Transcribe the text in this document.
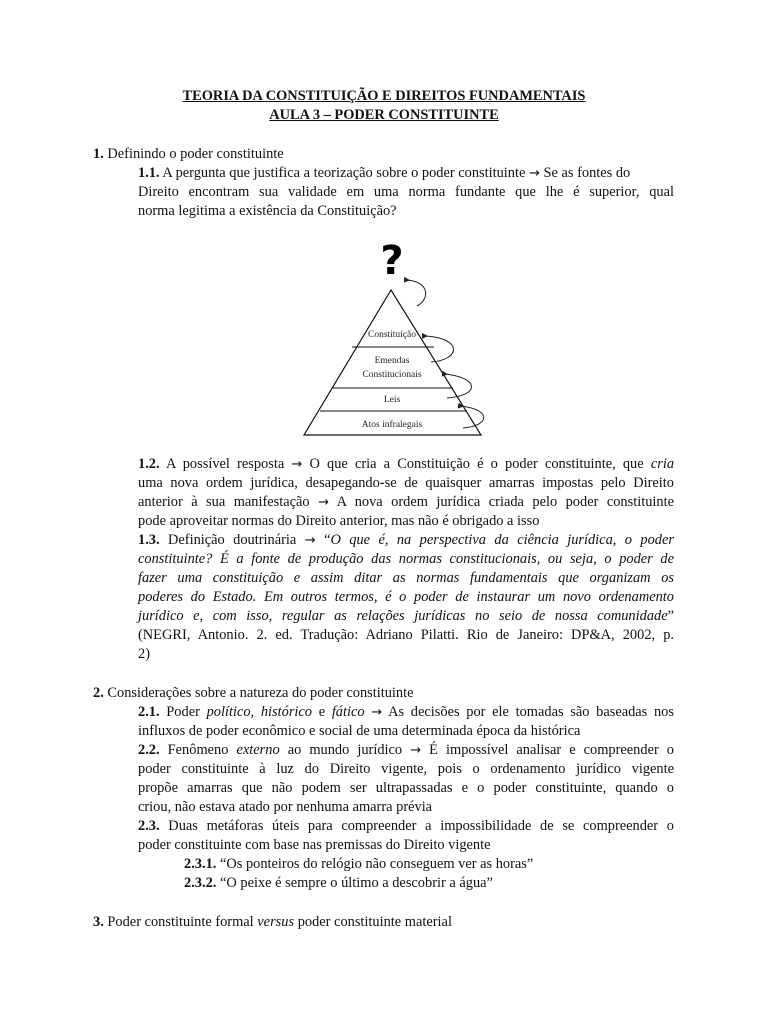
TEORIA DA CONSTITUIÇÃO E DIREITOS FUNDAMENTAIS
AULA 3 – PODER CONSTITUINTE
1. Definindo o poder constituinte
1.1. A pergunta que justifica a teorização sobre o poder constituinte → Se as fontes do
Direito encontram sua validade em uma norma fundante que lhe é superior, qual
norma legitima a existência da Constituição?
?
Constituição
Emendas
Constitucionais
Leis
Atos infralegais
1.2. A possível resposta → O que cria a Constituição é o poder constituinte, que cria
uma nova ordem jurídica, desapegando-se de quaisquer amarras impostas pelo Direito
anterior à sua manifestação → A nova ordem jurídica criada pelo poder constituinte
pode aproveitar normas do Direito anterior, mas não é obrigado a isso
1.3. Definição doutrinária → “O que é, na perspectiva da ciência jurídica, o poder
constituinte? É a fonte de produção das normas constitucionais, ou seja, o poder de
fazer uma constituição e assim ditar as normas fundamentais que organizam os
poderes do Estado. Em outros termos, é o poder de instaurar um novo ordenamento
jurídico e, com isso, regular as relações jurídicas no seio de nossa comunidade”
(NEGRI, Antonio. 2. ed. Tradução: Adriano Pilatti. Rio de Janeiro: DP&A, 2002, p.
2)
2. Considerações sobre a natureza do poder constituinte
2.1. Poder político, histórico e fático → As decisões por ele tomadas são baseadas nos
influxos de poder econômico e social de uma determinada época da histórica
2.2. Fenômeno externo ao mundo jurídico → É impossível analisar e compreender o
poder constituinte à luz do Direito vigente, pois o ordenamento jurídico vigente
propõe amarras que não podem ser ultrapassadas e o poder constituinte, quando o
criou, não estava atado por nenhuma amarra prévia
2.3. Duas metáforas úteis para compreender a impossibilidade de se compreender o
poder constituinte com base nas premissas do Direito vigente
2.3.1. “Os ponteiros do relógio não conseguem ver as horas”
2.3.2. “O peixe é sempre o último a descobrir a água”
3. Poder constituinte formal versus poder constituinte material
